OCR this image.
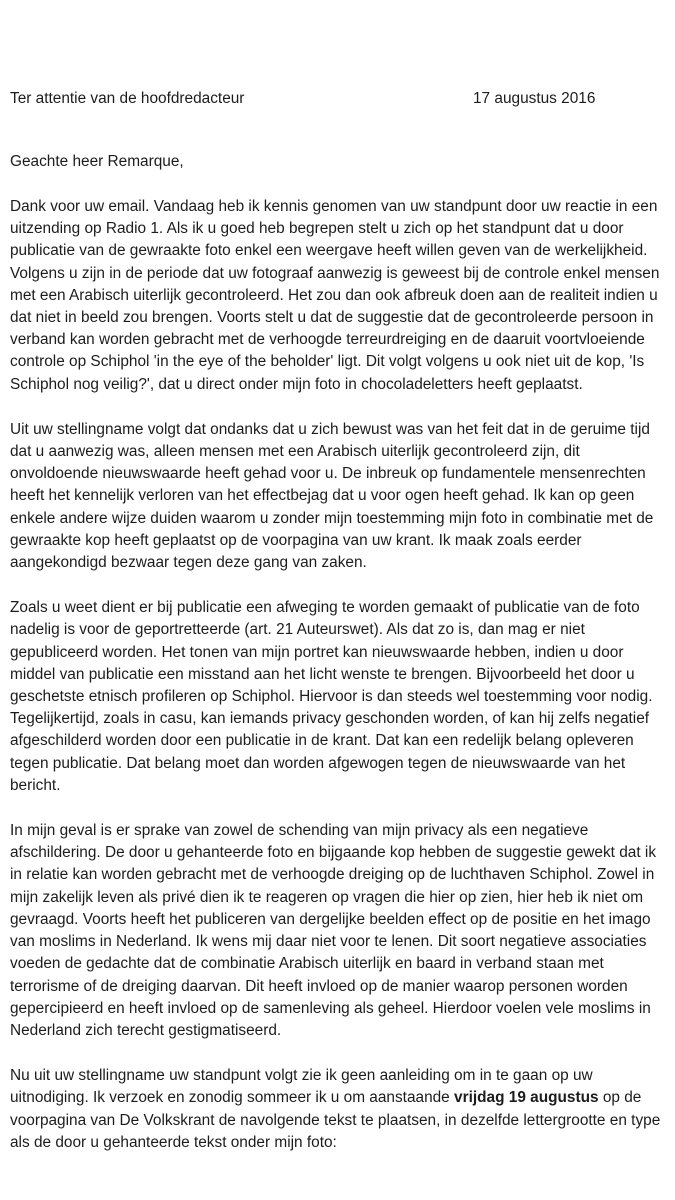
Ter attentie van de hoofdredacteur	17 augustus 2016
Geachte heer Remarque,

Dank voor uw email. Vandaag heb ik kennis genomen van uw standpunt door uw reactie in een uitzending op Radio 1. Als ik u goed heb begrepen stelt u zich op het standpunt dat u door publicatie van de gewraakte foto enkel een weergave heeft willen geven van de werkelijkheid. Volgens u zijn in de periode dat uw fotograaf aanwezig is geweest bij de controle enkel mensen met een Arabisch uiterlijk gecontroleerd. Het zou dan ook afbreuk doen aan de realiteit indien u dat niet in beeld zou brengen. Voorts stelt u dat de suggestie dat de gecontroleerde persoon in verband kan worden gebracht met de verhoogde terreurdreiging en de daaruit voortvloeiende controle op Schiphol 'in the eye of the beholder' ligt. Dit volgt volgens u ook niet uit de kop, 'Is Schiphol nog veilig?', dat u direct onder mijn foto in chocoladeletters heeft geplaatst.

Uit uw stellingname volgt dat ondanks dat u zich bewust was van het feit dat in de geruime tijd dat u aanwezig was, alleen mensen met een Arabisch uiterlijk gecontroleerd zijn, dit onvoldoende nieuwswaarde heeft gehad voor u. De inbreuk op fundamentele mensenrechten heeft het kennelijk verloren van het effectbejag dat u voor ogen heeft gehad. Ik kan op geen enkele andere wijze duiden waarom u zonder mijn toestemming mijn foto in combinatie met de gewraakte kop heeft geplaatst op de voorpagina van uw krant. Ik maak zoals eerder aangekondigd bezwaar tegen deze gang van zaken.

Zoals u weet dient er bij publicatie een afweging te worden gemaakt of publicatie van de foto nadelig is voor de geportretteerde (art. 21 Auteurswet). Als dat zo is, dan mag er niet gepubliceerd worden. Het tonen van mijn portret kan nieuwswaarde hebben, indien u door middel van publicatie een misstand aan het licht wenste te brengen. Bijvoorbeeld het door u geschetste etnisch profileren op Schiphol. Hiervoor is dan steeds wel toestemming voor nodig. Tegelijkertijd, zoals in casu, kan iemands privacy geschonden worden, of kan hij zelfs negatief afgeschilderd worden door een publicatie in de krant. Dat kan een redelijk belang opleveren tegen publicatie. Dat belang moet dan worden afgewogen tegen de nieuwswaarde van het bericht.

In mijn geval is er sprake van zowel de schending van mijn privacy als een negatieve afschildering. De door u gehanteerde foto en bijgaande kop hebben de suggestie gewekt dat ik in relatie kan worden gebracht met de verhoogde dreiging op de luchthaven Schiphol. Zowel in mijn zakelijk leven als privé dien ik te reageren op vragen die hier op zien, hier heb ik niet om gevraagd. Voorts heeft het publiceren van dergelijke beelden effect op de positie en het imago van moslims in Nederland. Ik wens mij daar niet voor te lenen. Dit soort negatieve associaties voeden de gedachte dat de combinatie Arabisch uiterlijk en baard in verband staan met terrorisme of de dreiging daarvan. Dit heeft invloed op de manier waarop personen worden gepercipieerd en heeft invloed op de samenleving als geheel. Hierdoor voelen vele moslims in Nederland zich terecht gestigmatiseerd.

Nu uit uw stellingname uw standpunt volgt zie ik geen aanleiding om in te gaan op uw uitnodiging. Ik verzoek en zonodig sommeer ik u om aanstaande vrijdag 19 augustus op de voorpagina van De Volkskrant de navolgende tekst te plaatsen, in dezelfde lettergrootte en type als de door u gehanteerde tekst onder mijn foto:
